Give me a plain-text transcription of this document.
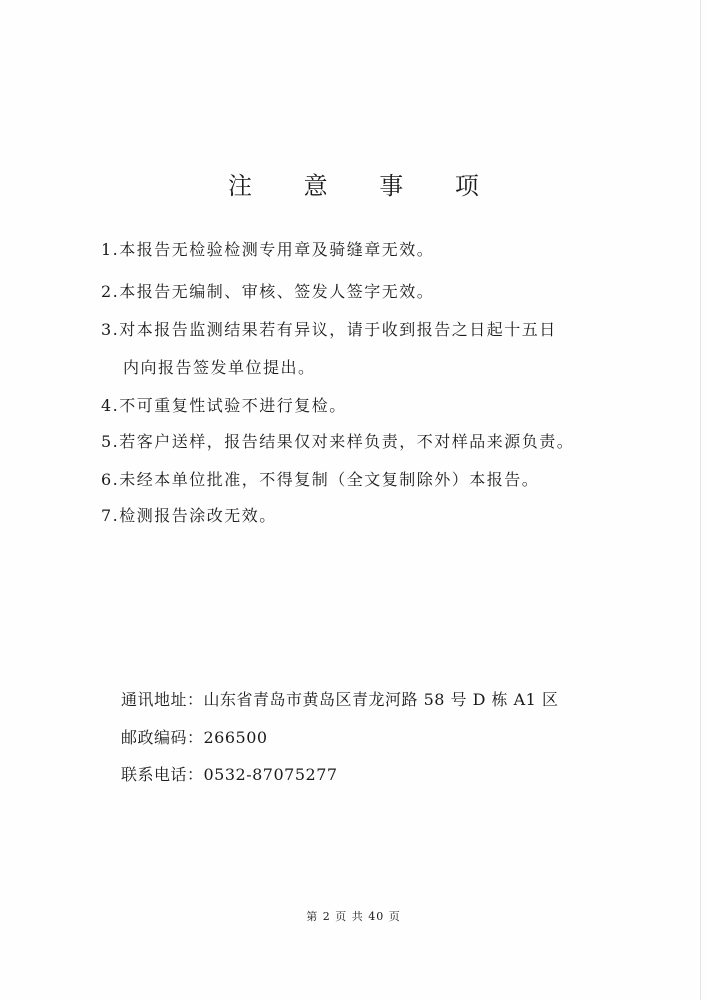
注 意 事 项
1.本报告无检验检测专用章及骑缝章无效。
2.本报告无编制、审核、签发人签字无效。
3.对本报告监测结果若有异议，请于收到报告之日起十五日
内向报告签发单位提出。
4.不可重复性试验不进行复检。
5.若客户送样，报告结果仅对来样负责，不对样品来源负责。
6.未经本单位批准，不得复制（全文复制除外）本报告。
7.检测报告涂改无效。
通讯地址：山东省青岛市黄岛区青龙河路 58 号 D 栋 A1 区
邮政编码：266500
联系电话：0532-87075277
第 2 页 共 40 页
